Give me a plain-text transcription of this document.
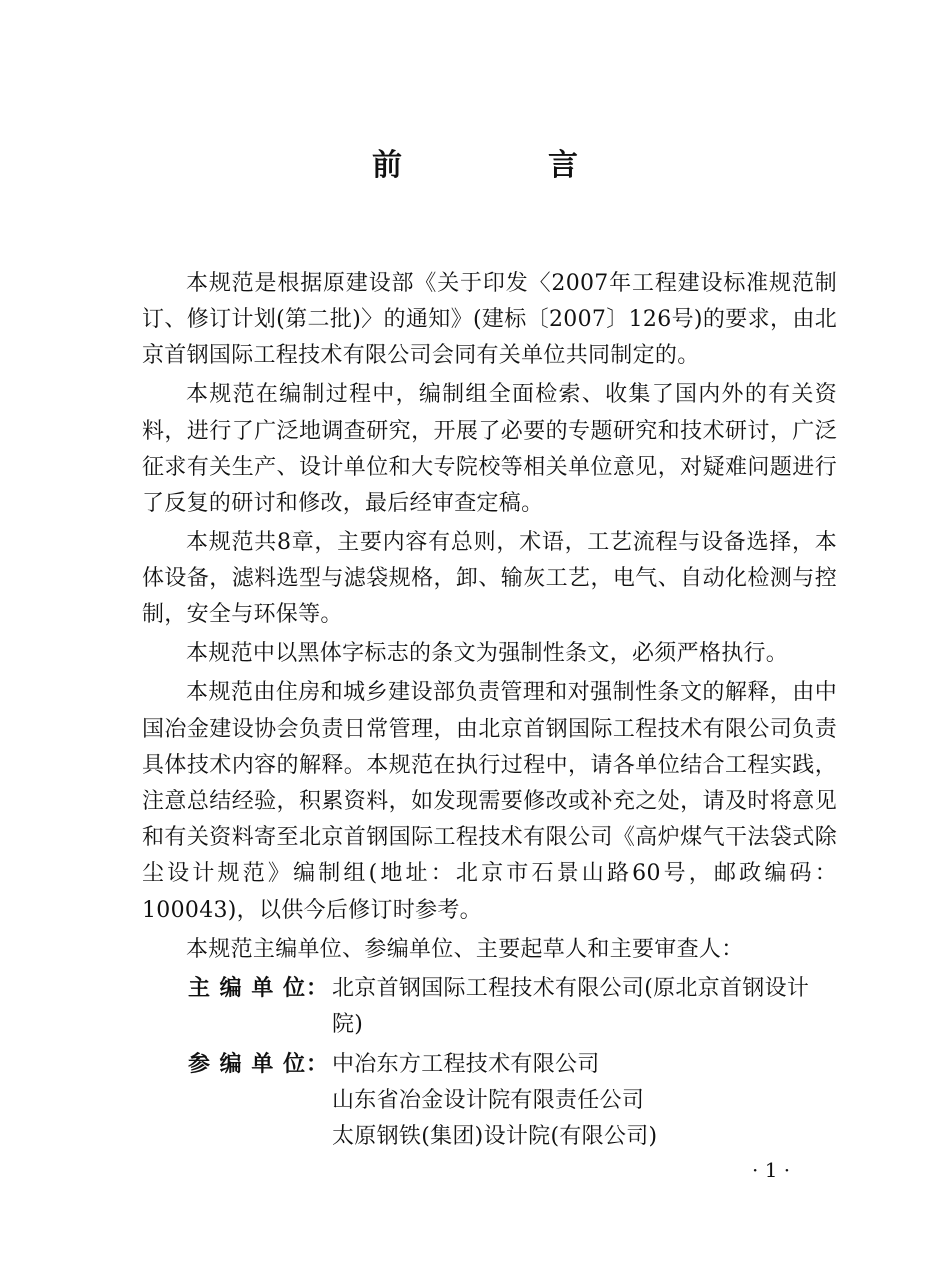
前　言

本规范是根据原建设部《关于印发〈2007年工程建设标准规范制订、修订计划(第二批)〉的通知》(建标〔2007〕126号)的要求，由北京首钢国际工程技术有限公司会同有关单位共同制定的。

本规范在编制过程中，编制组全面检索、收集了国内外的有关资料，进行了广泛地调查研究，开展了必要的专题研究和技术研讨，广泛征求有关生产、设计单位和大专院校等相关单位意见，对疑难问题进行了反复的研讨和修改，最后经审查定稿。

本规范共8章，主要内容有总则，术语，工艺流程与设备选择，本体设备，滤料选型与滤袋规格，卸、输灰工艺，电气、自动化检测与控制，安全与环保等。

本规范中以黑体字标志的条文为强制性条文，必须严格执行。

本规范由住房和城乡建设部负责管理和对强制性条文的解释，由中国冶金建设协会负责日常管理，由北京首钢国际工程技术有限公司负责具体技术内容的解释。本规范在执行过程中，请各单位结合工程实践，注意总结经验，积累资料，如发现需要修改或补充之处，请及时将意见和有关资料寄至北京首钢国际工程技术有限公司《高炉煤气干法袋式除尘设计规范》编制组(地址：北京市石景山路60号，邮政编码：100043)，以供今后修订时参考。

本规范主编单位、参编单位、主要起草人和主要审查人：

主 编 单 位： 北京首钢国际工程技术有限公司(原北京首钢设计院)
参 编 单 位： 中冶东方工程技术有限公司
山东省冶金设计院有限责任公司
太原钢铁(集团)设计院(有限公司)
· 1 ·
